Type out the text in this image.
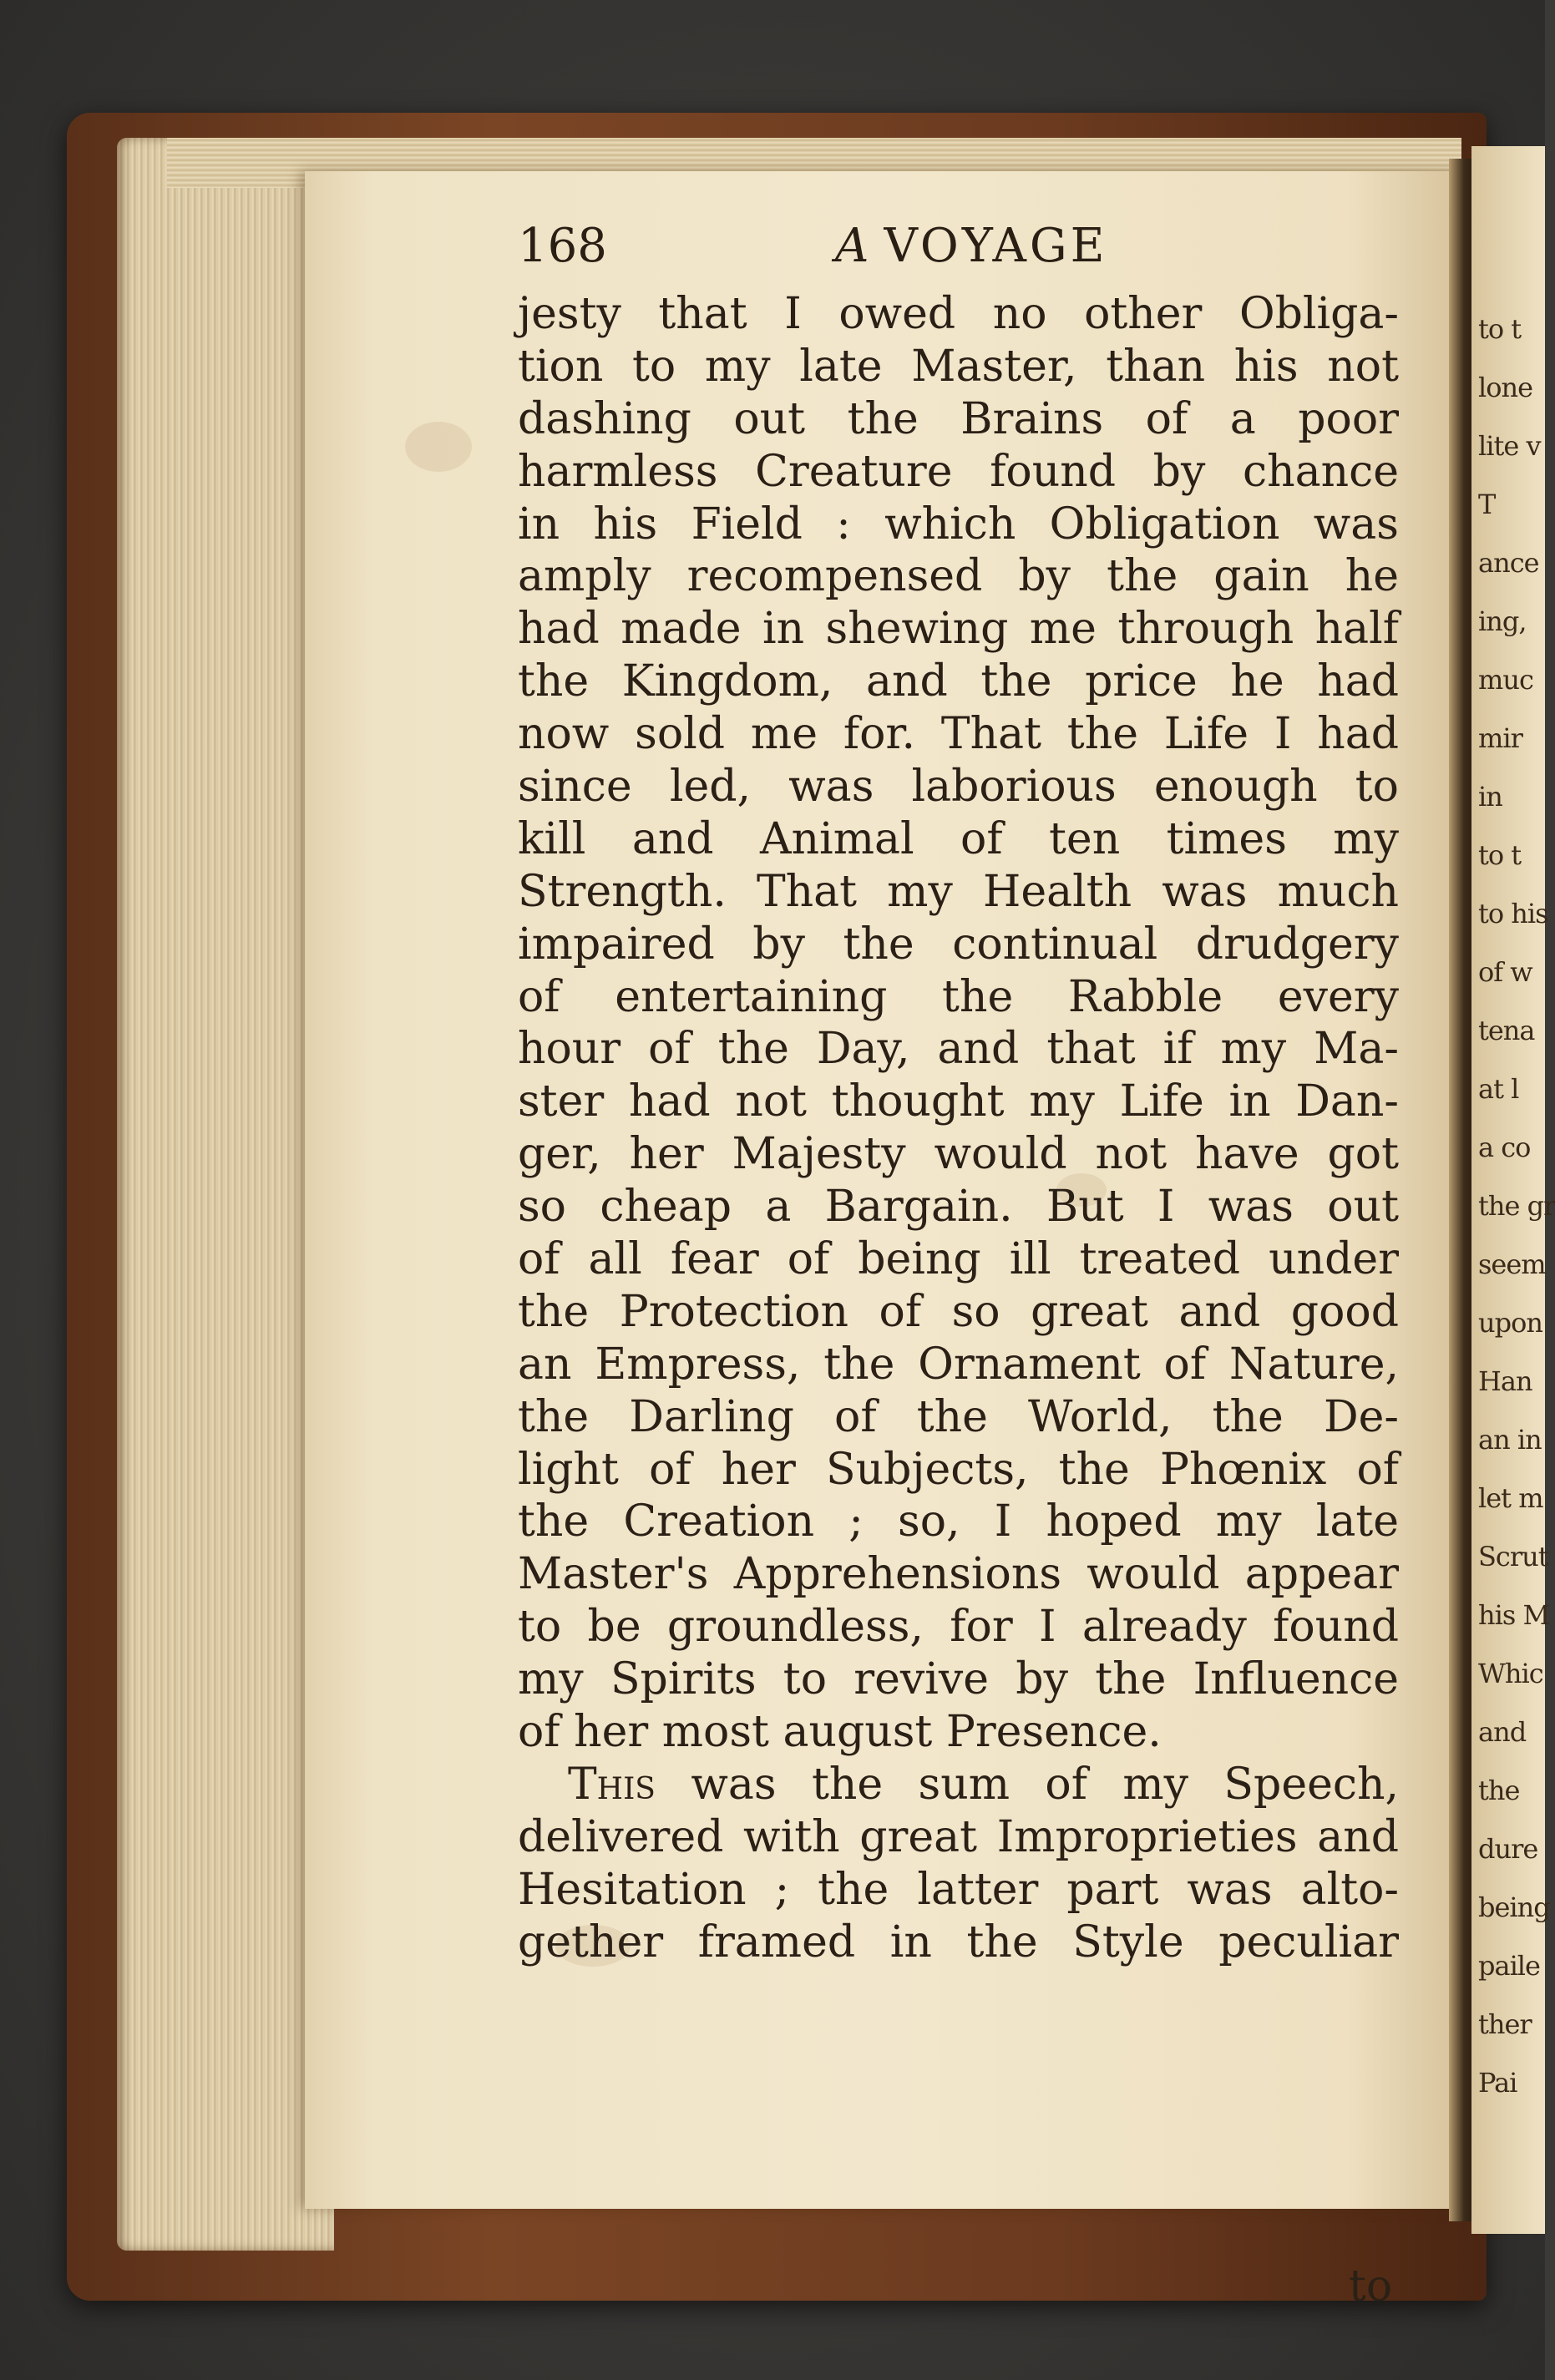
to t
lone
lite v
T
ance
ing,
muc
mir
in
to t
to his
of w
tena
at l
a co
the gr
seem
upon
Han
an in
let m
Scrut
his M
Whic
and
the
dure
being
paile
ther
Pai
168	A VOYAGE
jesty that I owed no other Obliga-
tion to my late Master, than his not
dashing out the Brains of a poor
harmless Creature found by chance
in his Field : which Obligation was
amply recompensed by the gain he
had made in shewing me through half
the Kingdom, and the price he had
now sold me for. That the Life I had
since led, was laborious enough to
kill and Animal of ten times my
Strength. That my Health was much
impaired by the continual drudgery
of entertaining the Rabble every
hour of the Day, and that if my Ma-
ster had not thought my Life in Dan-
ger, her Majesty would not have got
so cheap a Bargain. But I was out
of all fear of being ill treated under
the Protection of so great and good
an Empress, the Ornament of Nature,
the Darling of the World, the De-
light of her Subjects, the Phœnix of
the Creation ; so, I hoped my late
Master's Apprehensions would appear
to be groundless, for I already found
my Spirits to revive by the Influence
of her most august Presence.
This was the sum of my Speech,
delivered with great Improprieties and
Hesitation ; the latter part was alto-
gether framed in the Style peculiar
to
